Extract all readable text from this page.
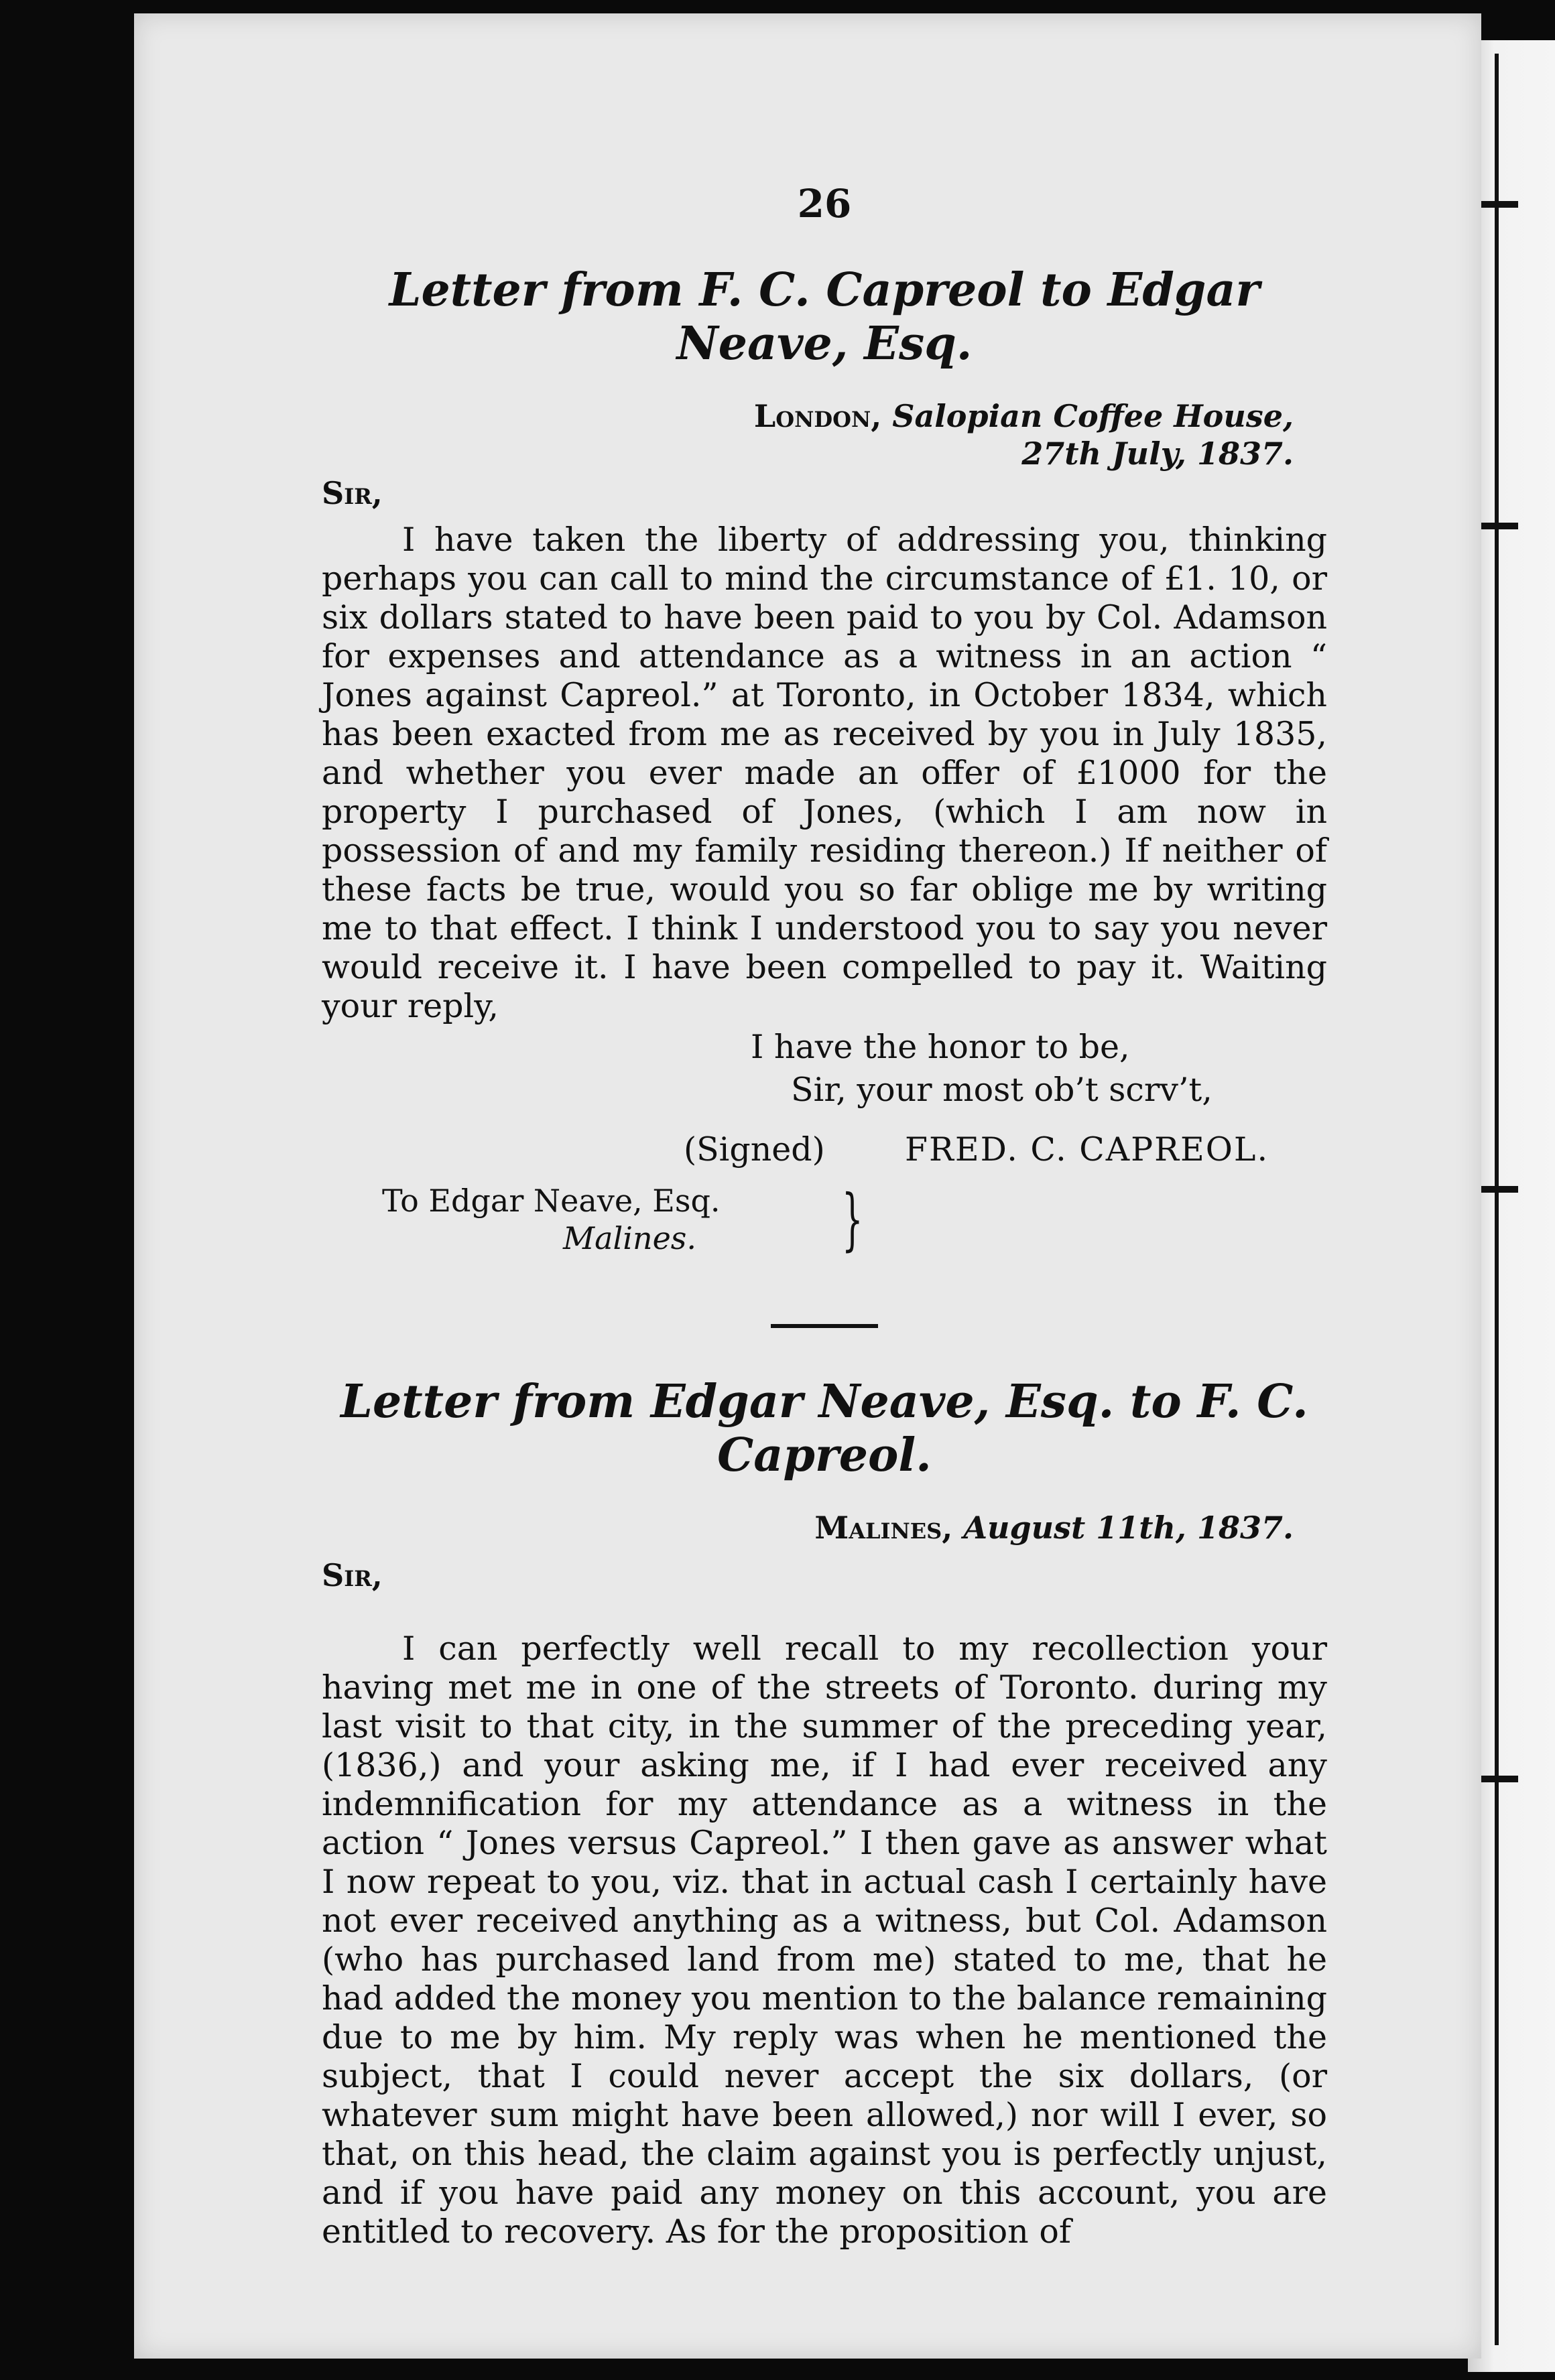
26
Letter from F. C. Capreol to Edgar Neave, Esq.
London, Salopian Coffee House,
27th July, 1837.
Sir,

I have taken the liberty of addressing you, thinking perhaps you can call to mind the circumstance of £1. 10, or six dollars stated to have been paid to you by Col. Adamson for expenses and attendance as a witness in an action “ Jones against Capreol.” at Toronto, in October 1834, which has been exacted from me as received by you in July 1835, and whether you ever made an offer of £1000 for the property I purchased of Jones, (which I am now in possession of and my family residing thereon.) If neither of these facts be true, would you so far oblige me by writing me to that effect. I think I understood you to say you never would receive it. I have been compelled to pay it. Waiting your reply,

I have the honor to be,
Sir, your most ob’t scrv’t,
(Signed)	FRED. C. CAPREOL.
To Edgar Neave, Esq.
Malines.	}
Letter from Edgar Neave, Esq. to F. C. Capreol.
Malines, August 11th, 1837.
Sir,

I can perfectly well recall to my recollection your having met me in one of the streets of Toronto. during my last visit to that city, in the summer of the preceding year, (1836,) and your asking me, if I had ever received any indemnification for my attendance as a witness in the action “ Jones versus Capreol.” I then gave as answer what I now repeat to you, viz. that in actual cash I certainly have not ever received anything as a witness, but Col. Adamson (who has purchased land from me) stated to me, that he had added the money you mention to the balance remaining due to me by him. My reply was when he mentioned the subject, that I could never accept the six dollars, (or whatever sum might have been allowed,) nor will I ever, so that, on this head, the claim against you is perfectly unjust, and if you have paid any money on this account, you are entitled to recovery. As for the proposition of
